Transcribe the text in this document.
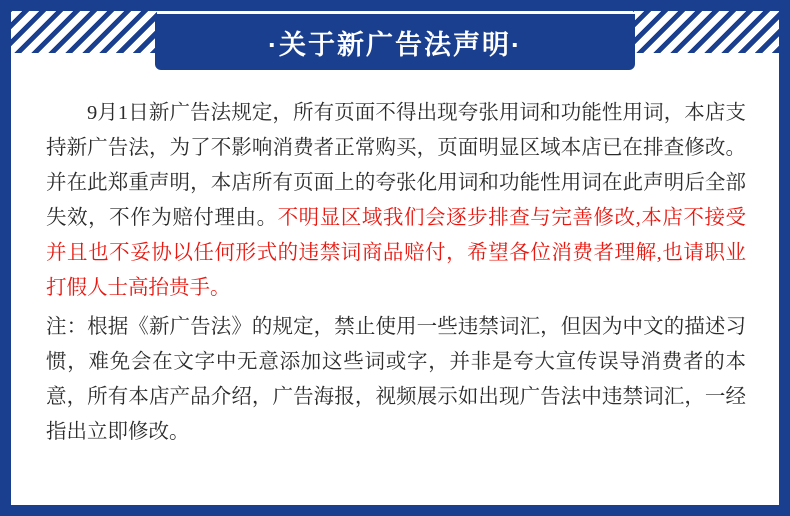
·关于新广告法声明·

9月1日新广告法规定，所有页面不得出现夸张用词和功能性用词，本店支持新广告法，为了不影响消费者正常购买，页面明显区域本店已在排查修改。并在此郑重声明，本店所有页面上的夸张化用词和功能性用词在此声明后全部失效，不作为赔付理由。不明显区域我们会逐步排查与完善修改,本店不接受并且也不妥协以任何形式的违禁词商品赔付，希望各位消费者理解,也请职业打假人士高抬贵手。

注：根据《新广告法》的规定，禁止使用一些违禁词汇，但因为中文的描述习惯，难免会在文字中无意添加这些词或字，并非是夸大宣传误导消费者的本意，所有本店产品介绍，广告海报，视频展示如出现广告法中违禁词汇，一经指出立即修改。
